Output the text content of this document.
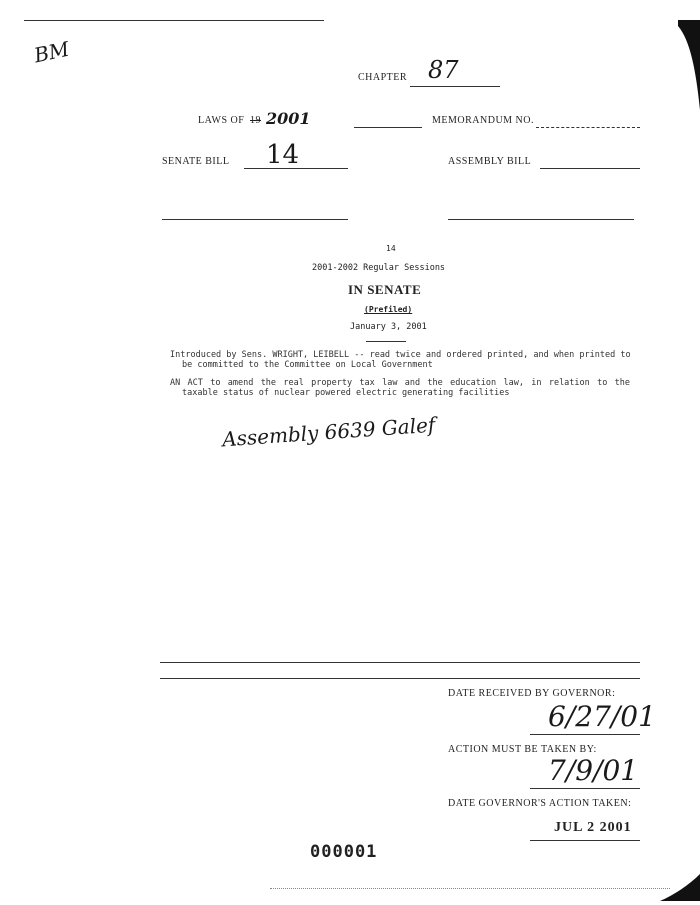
BM
CHAPTER 87
LAWS OF 19 2001	MEMORANDUM NO.
SENATE BILL 14	ASSEMBLY BILL
14
2001-2002 Regular Sessions
IN SENATE
(Prefiled)
January 3, 2001
Introduced by Sens. WRIGHT, LEIBELL -- read twice and ordered printed, and when printed to be committed to the Committee on Local Government
AN ACT to amend the real property tax law and the education law, in relation to the taxable status of nuclear powered electric generating facilities
Assembly 6639 Galef
DATE RECEIVED BY GOVERNOR:
6/27/01
ACTION MUST BE TAKEN BY:
7/9/01
DATE GOVERNOR'S ACTION TAKEN:
JUL 2 2001
000001
